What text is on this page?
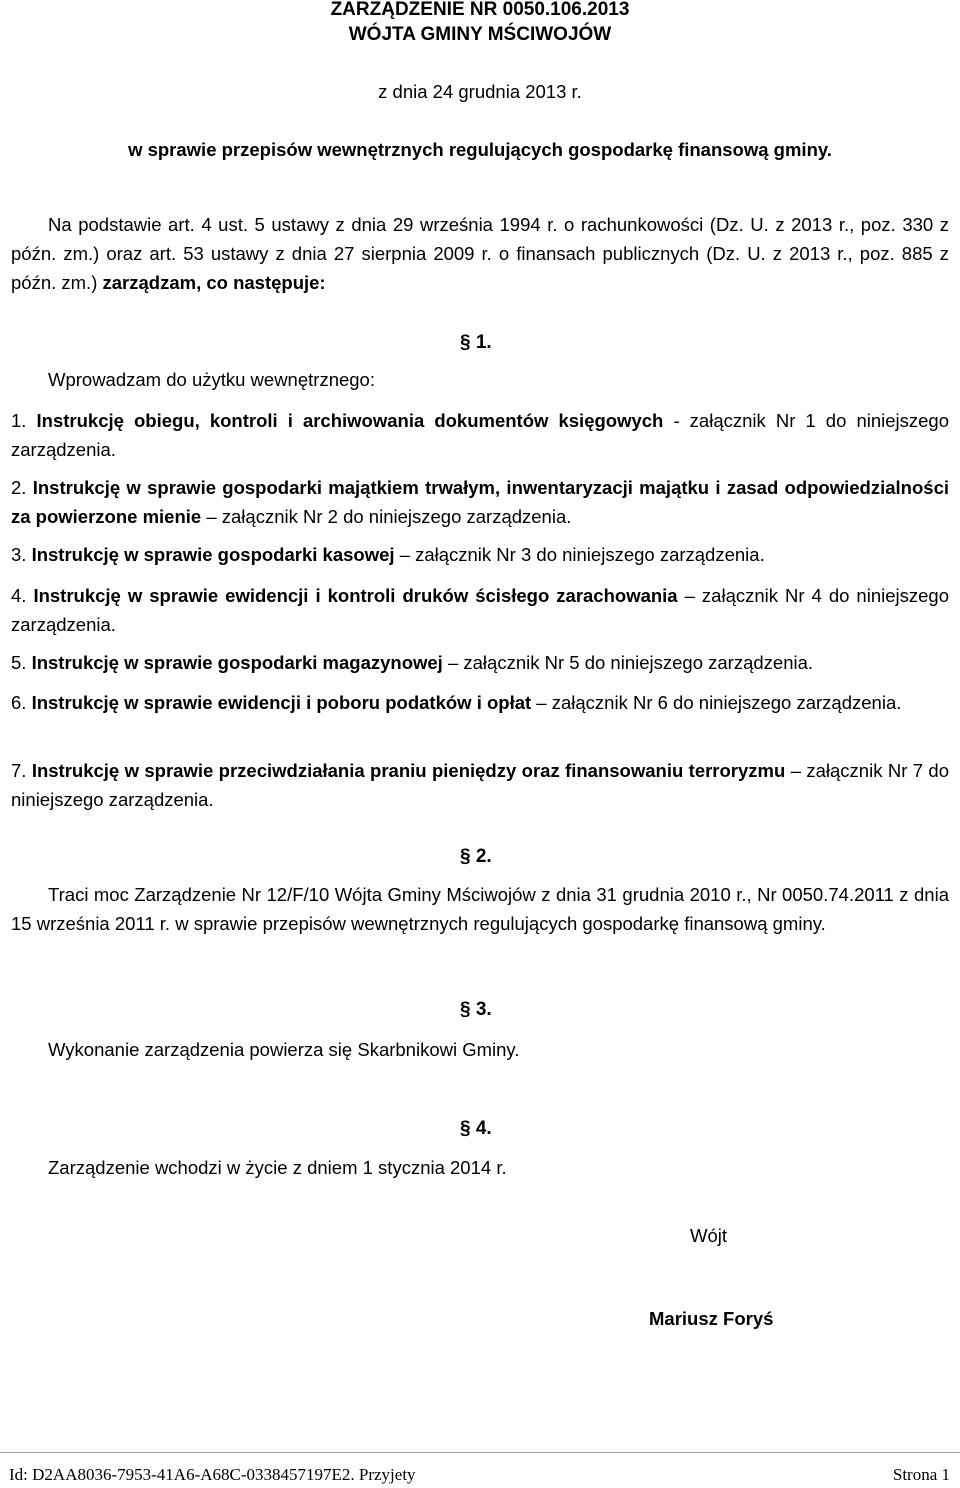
ZARZĄDZENIE NR 0050.106.2013
WÓJTA GMINY MŚCIWOJÓW
z dnia 24 grudnia 2013 r.
w sprawie przepisów wewnętrznych regulujących gospodarkę finansową gminy.
Na podstawie art. 4 ust. 5 ustawy z dnia 29 września 1994 r. o rachunkowości (Dz. U. z 2013 r., poz. 330 z późn. zm.) oraz art. 53 ustawy z dnia 27 sierpnia 2009 r. o finansach publicznych (Dz. U. z 2013 r., poz. 885 z późn. zm.) zarządzam, co następuje:
§ 1.
Wprowadzam do użytku wewnętrznego:
1. Instrukcję obiegu, kontroli i archiwowania dokumentów księgowych - załącznik Nr 1 do niniejszego zarządzenia.
2. Instrukcję w sprawie gospodarki majątkiem trwałym, inwentaryzacji majątku i zasad odpowiedzialności za powierzone mienie – załącznik Nr 2 do niniejszego zarządzenia.
3. Instrukcję w sprawie gospodarki kasowej – załącznik Nr 3 do niniejszego zarządzenia.
4. Instrukcję w sprawie ewidencji i kontroli druków ścisłego zarachowania – załącznik Nr 4 do niniejszego zarządzenia.
5. Instrukcję w sprawie gospodarki magazynowej – załącznik Nr 5 do niniejszego zarządzenia.
6. Instrukcję w sprawie ewidencji i poboru podatków i opłat – załącznik Nr 6 do niniejszego zarządzenia.
7. Instrukcję w sprawie przeciwdziałania praniu pieniędzy oraz finansowaniu terroryzmu – załącznik Nr 7 do niniejszego zarządzenia.
§ 2.
Traci moc Zarządzenie Nr 12/F/10 Wójta Gminy Mściwojów z dnia 31 grudnia 2010 r., Nr 0050.74.2011 z dnia 15 września 2011 r. w sprawie przepisów wewnętrznych regulujących gospodarkę finansową gminy.
§ 3.
Wykonanie zarządzenia powierza się Skarbnikowi Gminy.
§ 4.
Zarządzenie wchodzi w życie z dniem 1 stycznia 2014 r.
Wójt
Mariusz Foryś
Id: D2AA8036-7953-41A6-A68C-0338457197E2. Przyjety	Strona 1
